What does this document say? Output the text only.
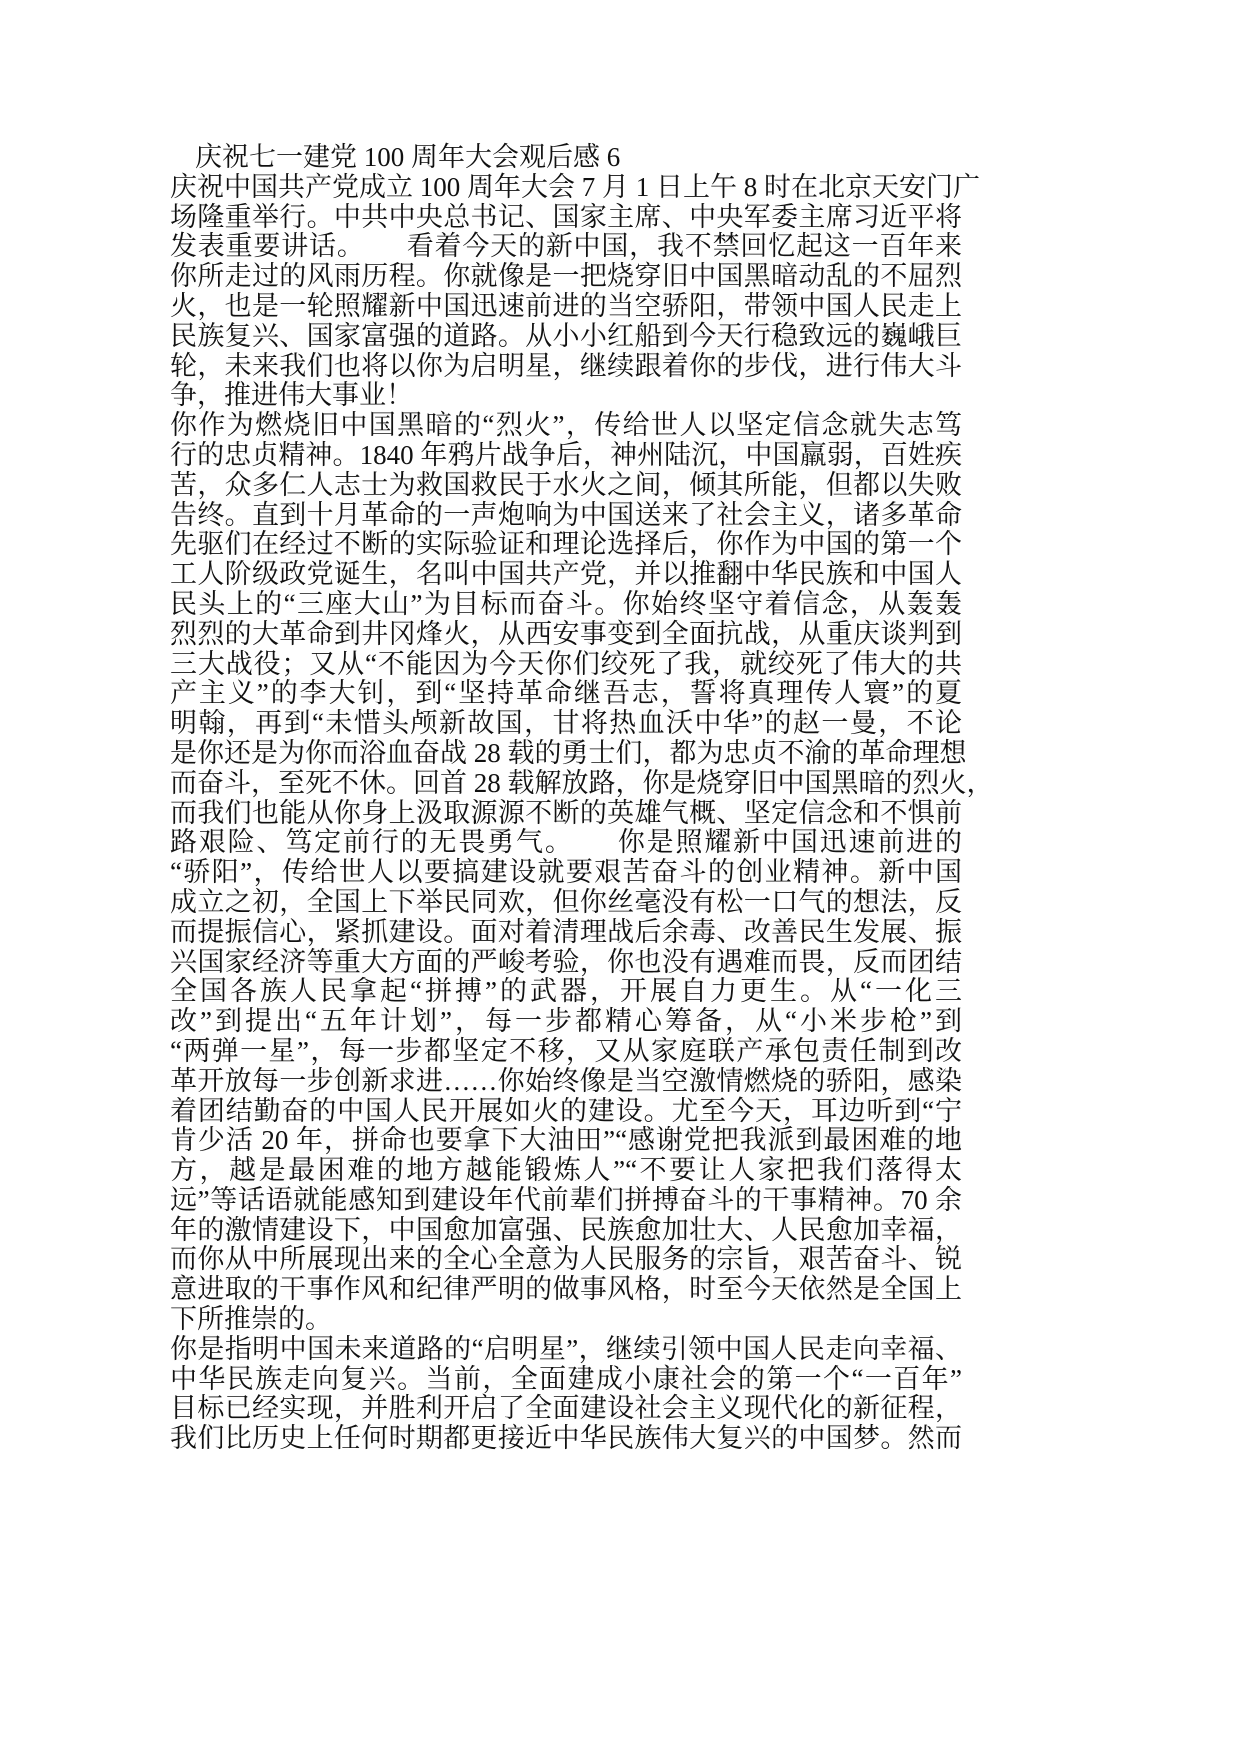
庆祝七一建党 100 周年大会观后感 6
庆祝中国共产党成立 100 周年大会 7 月 1 日上午 8 时在北京天安门广
场隆重举行。中共中央总书记、国家主席、中央军委主席习近平将
发表重要讲话。　　看着今天的新中国，我不禁回忆起这一百年来
你所走过的风雨历程。你就像是一把烧穿旧中国黑暗动乱的不屈烈
火，也是一轮照耀新中国迅速前进的当空骄阳，带领中国人民走上
民族复兴、国家富强的道路。从小小红船到今天行稳致远的巍峨巨
轮，未来我们也将以你为启明星，继续跟着你的步伐，进行伟大斗
争，推进伟大事业！
你作为燃烧旧中国黑暗的“烈火”，传给世人以坚定信念就失志笃
行的忠贞精神。1840 年鸦片战争后，神州陆沉，中国羸弱，百姓疾
苦，众多仁人志士为救国救民于水火之间，倾其所能，但都以失败
告终。直到十月革命的一声炮响为中国送来了社会主义，诸多革命
先驱们在经过不断的实际验证和理论选择后，你作为中国的第一个
工人阶级政党诞生，名叫中国共产党，并以推翻中华民族和中国人
民头上的“三座大山”为目标而奋斗。你始终坚守着信念，从轰轰
烈烈的大革命到井冈烽火，从西安事变到全面抗战，从重庆谈判到
三大战役；又从“不能因为今天你们绞死了我，就绞死了伟大的共
产主义”的李大钊，到“坚持革命继吾志，誓将真理传人寰”的夏
明翰，再到“未惜头颅新故国，甘将热血沃中华”的赵一曼，不论
是你还是为你而浴血奋战 28 载的勇士们，都为忠贞不渝的革命理想
而奋斗，至死不休。回首 28 载解放路，你是烧穿旧中国黑暗的烈火，
而我们也能从你身上汲取源源不断的英雄气概、坚定信念和不惧前
路艰险、笃定前行的无畏勇气。　　你是照耀新中国迅速前进的
“骄阳”，传给世人以要搞建设就要艰苦奋斗的创业精神。新中国
成立之初，全国上下举民同欢，但你丝毫没有松一口气的想法，反
而提振信心，紧抓建设。面对着清理战后余毒、改善民生发展、振
兴国家经济等重大方面的严峻考验，你也没有遇难而畏，反而团结
全国各族人民拿起“拼搏”的武器，开展自力更生。从“一化三
改”到提出“五年计划”，每一步都精心筹备，从“小米步枪”到
“两弹一星”，每一步都坚定不移，又从家庭联产承包责任制到改
革开放每一步创新求进……你始终像是当空激情燃烧的骄阳，感染
着团结勤奋的中国人民开展如火的建设。尤至今天，耳边听到“宁
肯少活 20 年，拼命也要拿下大油田”“感谢党把我派到最困难的地
方，越是最困难的地方越能锻炼人”“不要让人家把我们落得太
远”等话语就能感知到建设年代前辈们拼搏奋斗的干事精神。70 余
年的激情建设下，中国愈加富强、民族愈加壮大、人民愈加幸福，
而你从中所展现出来的全心全意为人民服务的宗旨，艰苦奋斗、锐
意进取的干事作风和纪律严明的做事风格，时至今天依然是全国上
下所推崇的。
你是指明中国未来道路的“启明星”，继续引领中国人民走向幸福、
中华民族走向复兴。当前，全面建成小康社会的第一个“一百年”
目标已经实现，并胜利开启了全面建设社会主义现代化的新征程，
我们比历史上任何时期都更接近中华民族伟大复兴的中国梦。然而
